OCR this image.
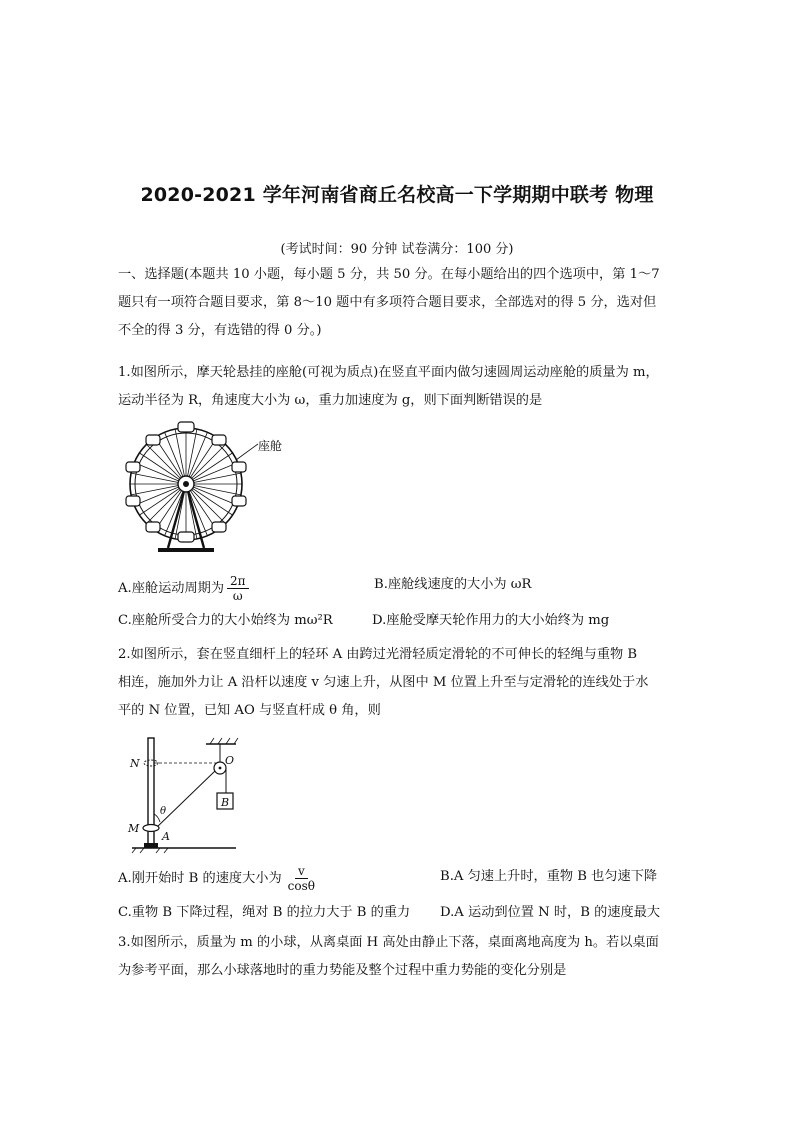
2020-2021 学年河南省商丘名校高一下学期期中联考 物理
(考试时间：90 分钟 试卷满分：100 分)
一、选择题(本题共 10 小题，每小题 5 分，共 50 分。在每小题给出的四个选项中，第 1～7
题只有一项符合题目要求，第 8～10 题中有多项符合题目要求，全部选对的得 5 分，选对但
不全的得 3 分，有选错的得 0 分。)
1.如图所示，摩天轮悬挂的座舱(可视为质点)在竖直平面内做匀速圆周运动座舱的质量为 m，
运动半径为 R，角速度大小为 ω，重力加速度为 g，则下面判断错误的是
座舱
A.座舱运动周期为 $\frac{2\pi}{\omega}$	B.座舱线速度的大小为 ωR
C.座舱所受合力的大小始终为 mω²R	D.座舱受摩天轮作用力的大小始终为 mg
2.如图所示，套在竖直细杆上的轻环 A 由跨过光滑轻质定滑轮的不可伸长的轻绳与重物 B
相连，施加外力让 A 沿杆以速度 v 匀速上升，从图中 M 位置上升至与定滑轮的连线处于水
平的 N 位置，已知 AO 与竖直杆成 θ 角，则
B
θ
N	O
M
A
A.刚开始时 B 的速度大小为 $\frac{v}{\cos\theta}$	B.A 匀速上升时，重物 B 也匀速下降
C.重物 B 下降过程，绳对 B 的拉力大于 B 的重力 D.A 运动到位置 N 时，B 的速度最大
3.如图所示，质量为 m 的小球，从离桌面 H 高处由静止下落，桌面离地高度为 h。若以桌面
为参考平面，那么小球落地时的重力势能及整个过程中重力势能的变化分别是
